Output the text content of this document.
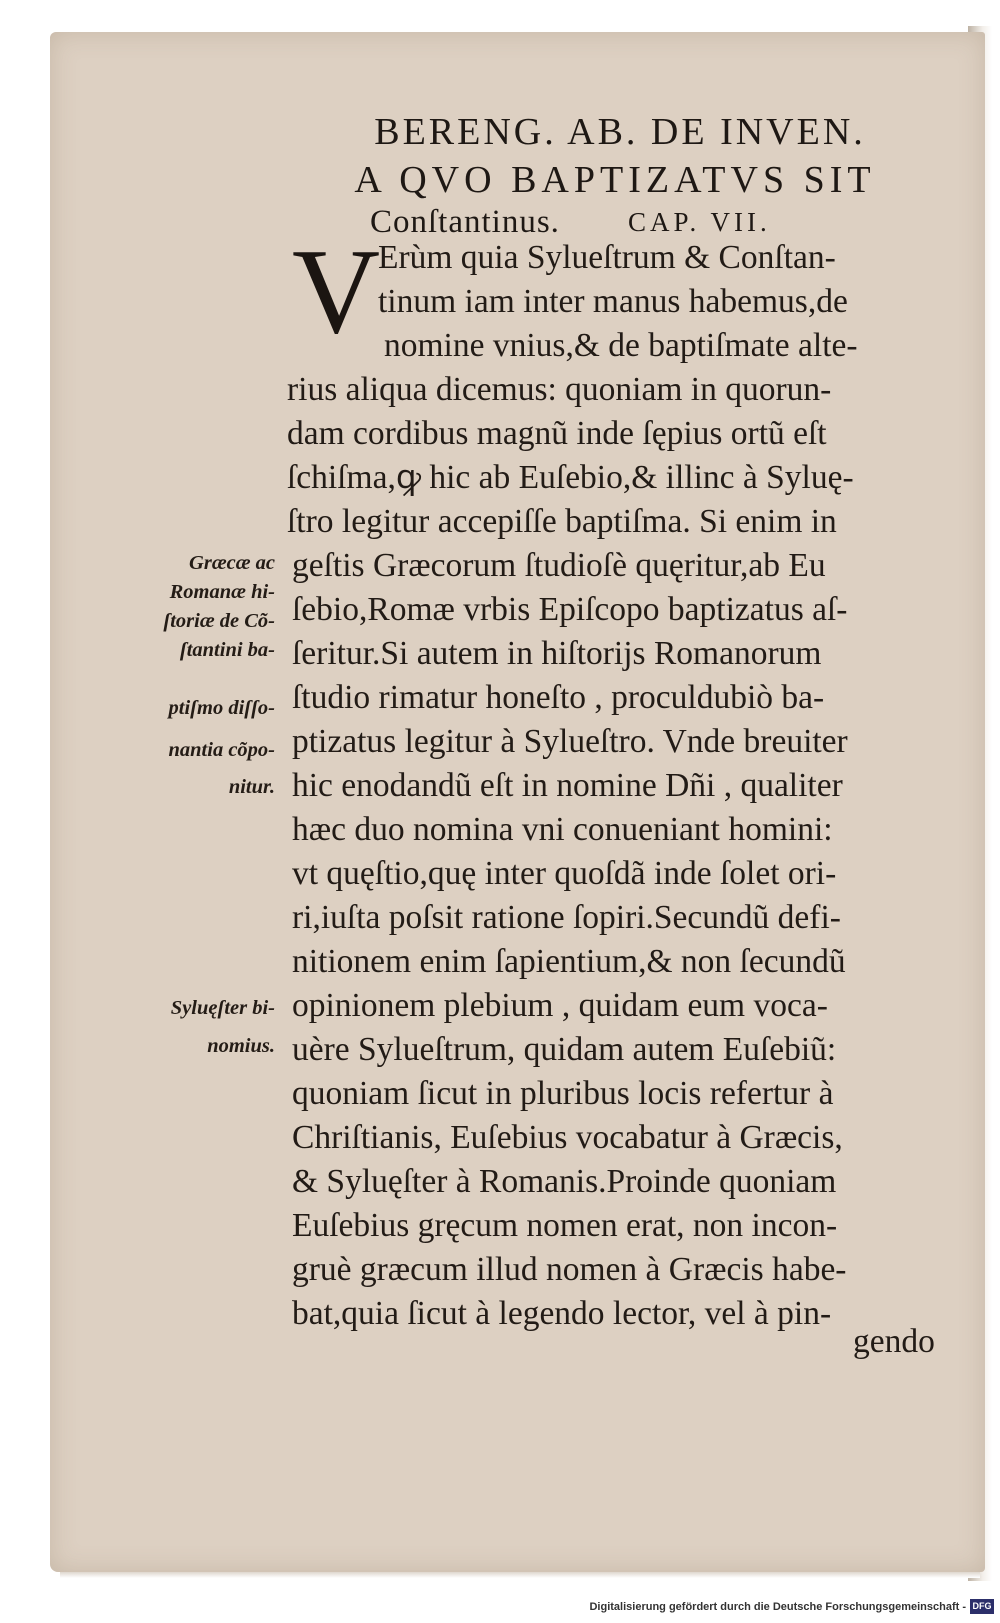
BERENG. AB. DE INVEN.
A QVO BAPTIZATVS SIT
Conſtantinus.	CAP. VII.
V
Erùm quia Sylueſtrum & Conſtan-
tinum iam inter manus habemus,de
nomine vnius,& de baptiſmate alte-
rius aliqua dicemus: quoniam in quorun-
dam cordibus magnũ inde ſępius ortũ eſt
ſchiſma,ꝙ hic ab Euſebio,& illinc à Syluę-
ſtro legitur accepiſſe baptiſma. Si enim in
geſtis Græcorum ſtudioſè quęritur,ab Eu
ſebio,Romæ vrbis Epiſcopo baptizatus aſ-
ſeritur.Si autem in hiſtorijs Romanorum
ſtudio rimatur honeſto , proculdubiò ba-
ptizatus legitur à Sylueſtro. Vnde breuiter
hic enodandũ eſt in nomine Dñi , qualiter
hæc duo nomina vni conueniant homini:
vt quęſtio,quę inter quoſdã inde ſolet ori-
ri,iuſta poſsit ratione ſopiri.Secundũ defi-
nitionem enim ſapientium,& non ſecundũ
opinionem plebium , quidam eum voca-
uère Sylueſtrum, quidam autem Euſebiũ:
quoniam ſicut in pluribus locis refertur à
Chriſtianis, Euſebius vocabatur à Græcis,
& Syluęſter à Romanis.Proinde quoniam
Euſebius gręcum nomen erat, non incon-
gruè græcum illud nomen à Græcis habe-
bat,quia ſicut à legendo lector, vel à pin-
gendo
Græcæ ac
Romanæ hi-
ſtoriæ de Cõ-
ſtantini ba-
ptiſmo diſſo-
nantia cõpo-
nitur.
Syluęſter bi-
nomius.
Digitalisierung gefördert durch die Deutsche Forschungsgemeinschaft - DFG
